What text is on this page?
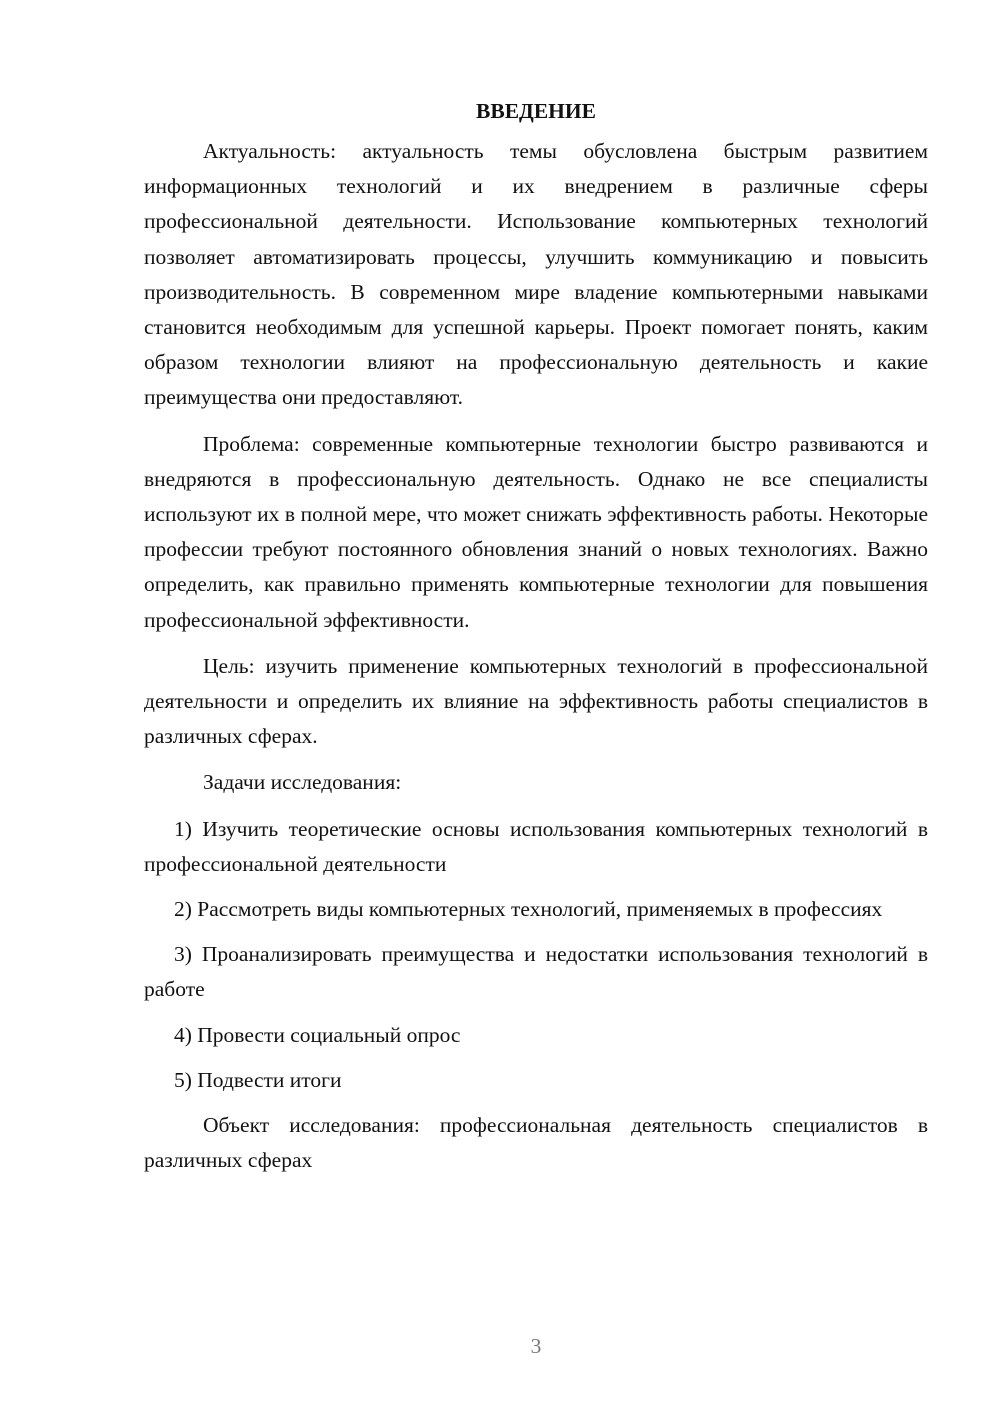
ВВЕДЕНИЕ

Актуальность: актуальность темы обусловлена быстрым развитием информационных технологий и их внедрением в различные сферы профессиональной деятельности. Использование компьютерных технологий позволяет автоматизировать процессы, улучшить коммуникацию и повысить производительность. В современном мире владение компьютерными навыками становится необходимым для успешной карьеры. Проект помогает понять, каким образом технологии влияют на профессиональную деятельность и какие преимущества они предоставляют.

Проблема: современные компьютерные технологии быстро развиваются и внедряются в профессиональную деятельность. Однако не все специалисты используют их в полной мере, что может снижать эффективность работы. Некоторые профессии требуют постоянного обновления знаний о новых технологиях. Важно определить, как правильно применять компьютерные технологии для повышения профессиональной эффективности.

Цель: изучить применение компьютерных технологий в профессиональной деятельности и определить их влияние на эффективность работы специалистов в различных сферах.

Задачи исследования:

1) Изучить теоретические основы использования компьютерных технологий в профессиональной деятельности

2) Рассмотреть виды компьютерных технологий, применяемых в профессиях

3) Проанализировать преимущества и недостатки использования технологий в работе

4) Провести социальный опрос

5) Подвести итоги

Объект исследования: профессиональная деятельность специалистов в различных сферах

3
